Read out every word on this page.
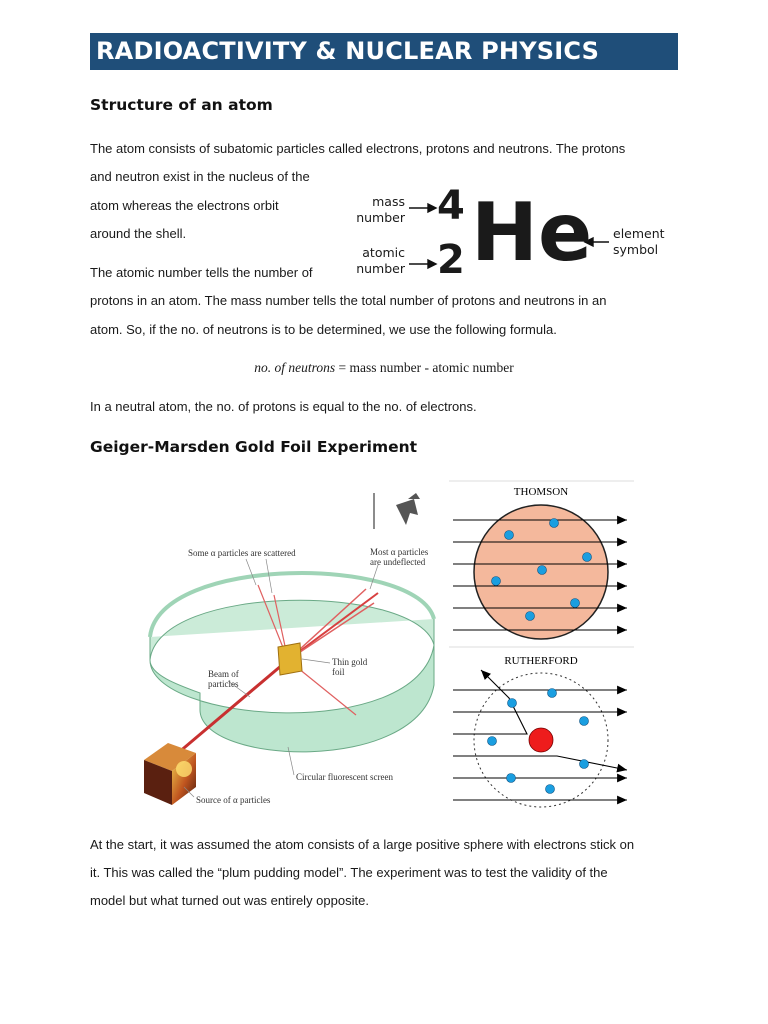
RADIOACTIVITY & NUCLEAR PHYSICS
Structure of an atom
The atom consists of subatomic particles called electrons, protons and neutrons. The protons
and neutron exist in the nucleus of the
atom whereas the electrons orbit
around the shell.
The atomic number tells the number of
protons in an atom. The mass number tells the total number of protons and neutrons in an
atom. So, if the no. of neutrons is to be determined, we use the following formula.
no. of neutrons = mass number - atomic number
In a neutral atom, the no. of protons is equal to the no. of electrons.
mass
number
atomic
number
4
2 He element
symbol
Geiger-Marsden Gold Foil Experiment
Some α particles are scattered	Most α particles
are undeflected
Thin gold
foil
Beam of
particles
Circular fluorescent screen
Source of α particles
THOMSON
RUTHERFORD
At the start, it was assumed the atom consists of a large positive sphere with electrons stick on
it. This was called the “plum pudding model”. The experiment was to test the validity of the
model but what turned out was entirely opposite.
